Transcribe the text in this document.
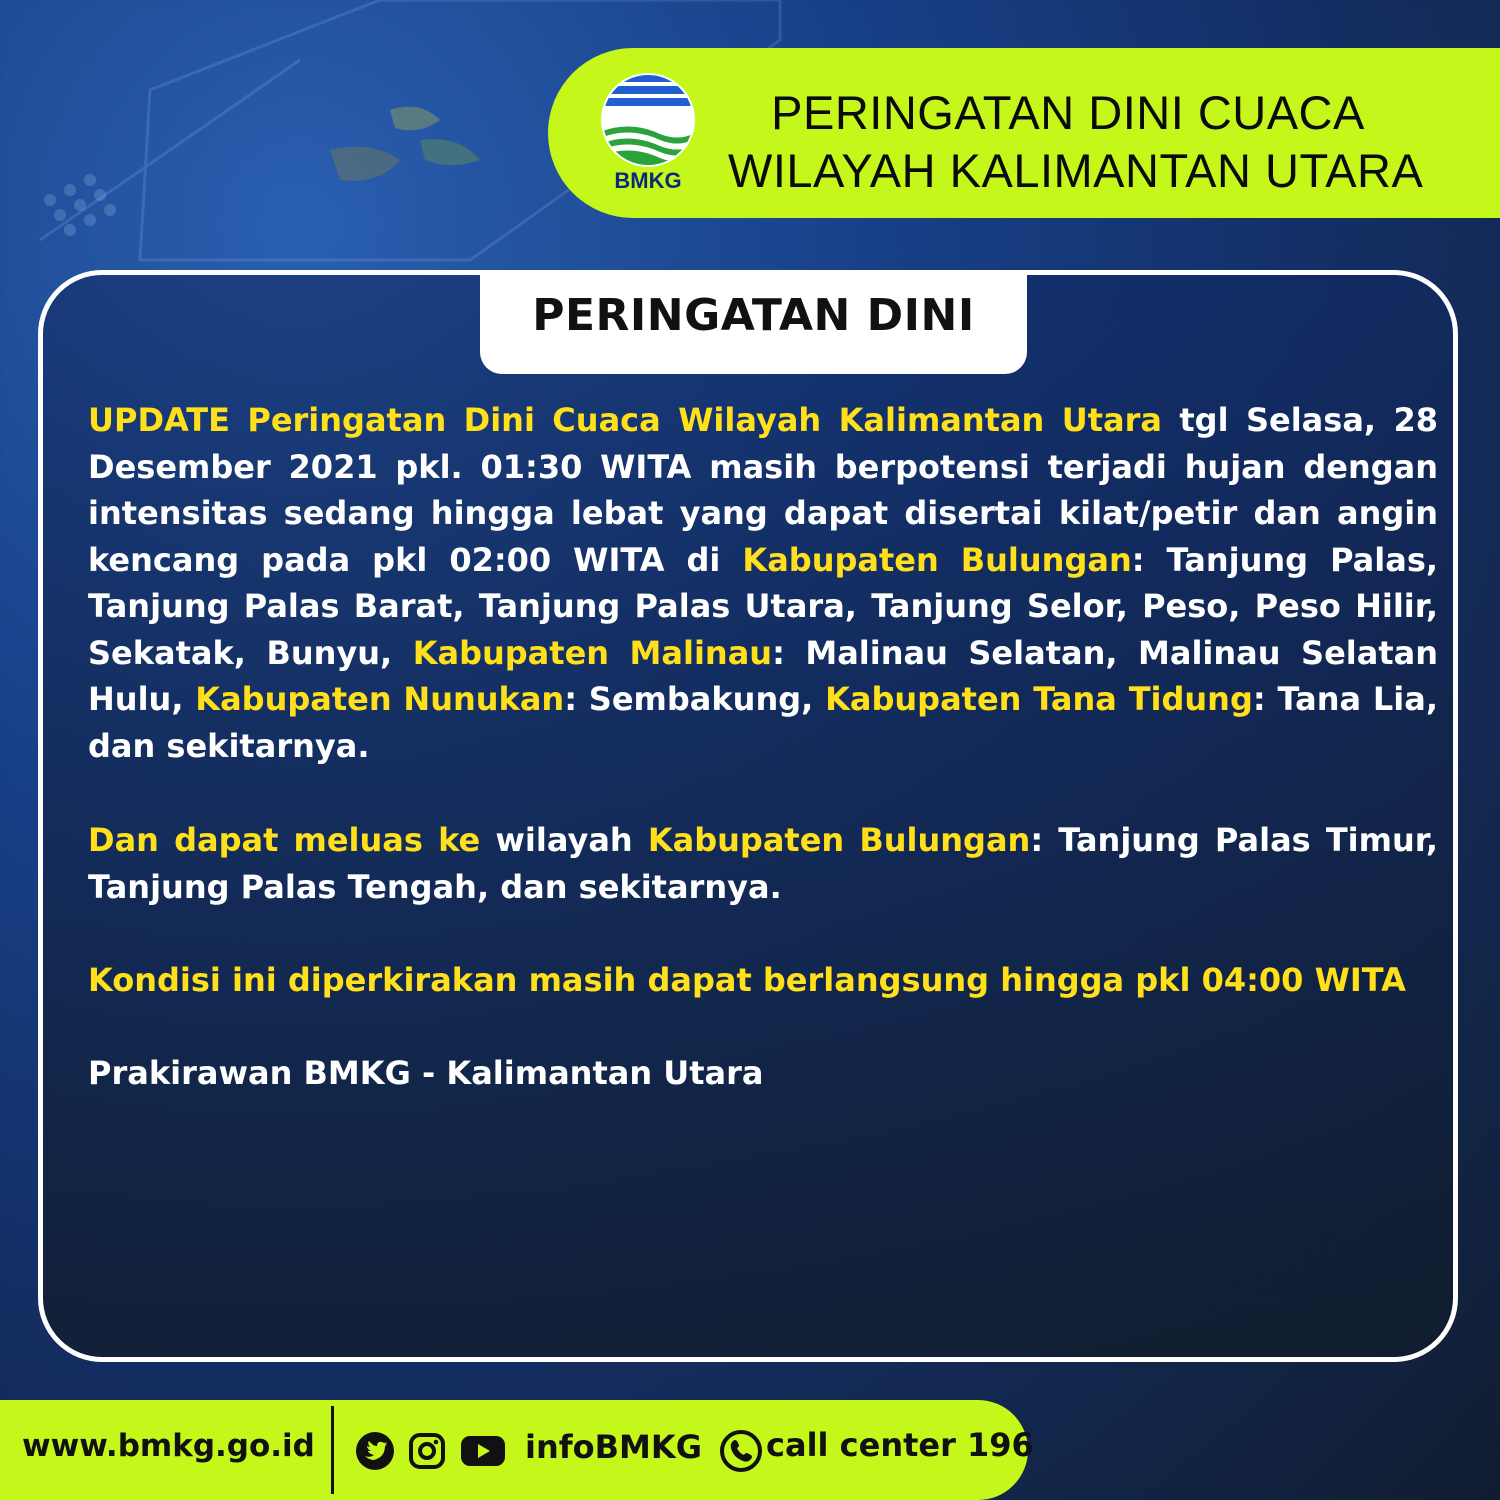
BMKG
PERINGATAN DINI CUACA
WILAYAH KALIMANTAN UTARA
PERINGATAN DINI
UPDATE Peringatan Dini Cuaca Wilayah Kalimantan Utara tgl Selasa, 28 Desember 2021 pkl. 01:30 WITA masih berpotensi terjadi hujan dengan intensitas sedang hingga lebat yang dapat disertai kilat/petir dan angin kencang pada pkl 02:00 WITA di Kabupaten Bulungan: Tanjung Palas, Tanjung Palas Barat, Tanjung Palas Utara, Tanjung Selor, Peso, Peso Hilir, Sekatak, Bunyu, Kabupaten Malinau: Malinau Selatan, Malinau Selatan Hulu, Kabupaten Nunukan: Sembakung, Kabupaten Tana Tidung: Tana Lia, dan sekitarnya.
Dan dapat meluas ke wilayah Kabupaten Bulungan: Tanjung Palas Timur, Tanjung Palas Tengah, dan sekitarnya.
Kondisi ini diperkirakan masih dapat berlangsung hingga pkl 04:00 WITA
Prakirawan BMKG - Kalimantan Utara
www.bmkg.go.id	infoBMKG call center 196
